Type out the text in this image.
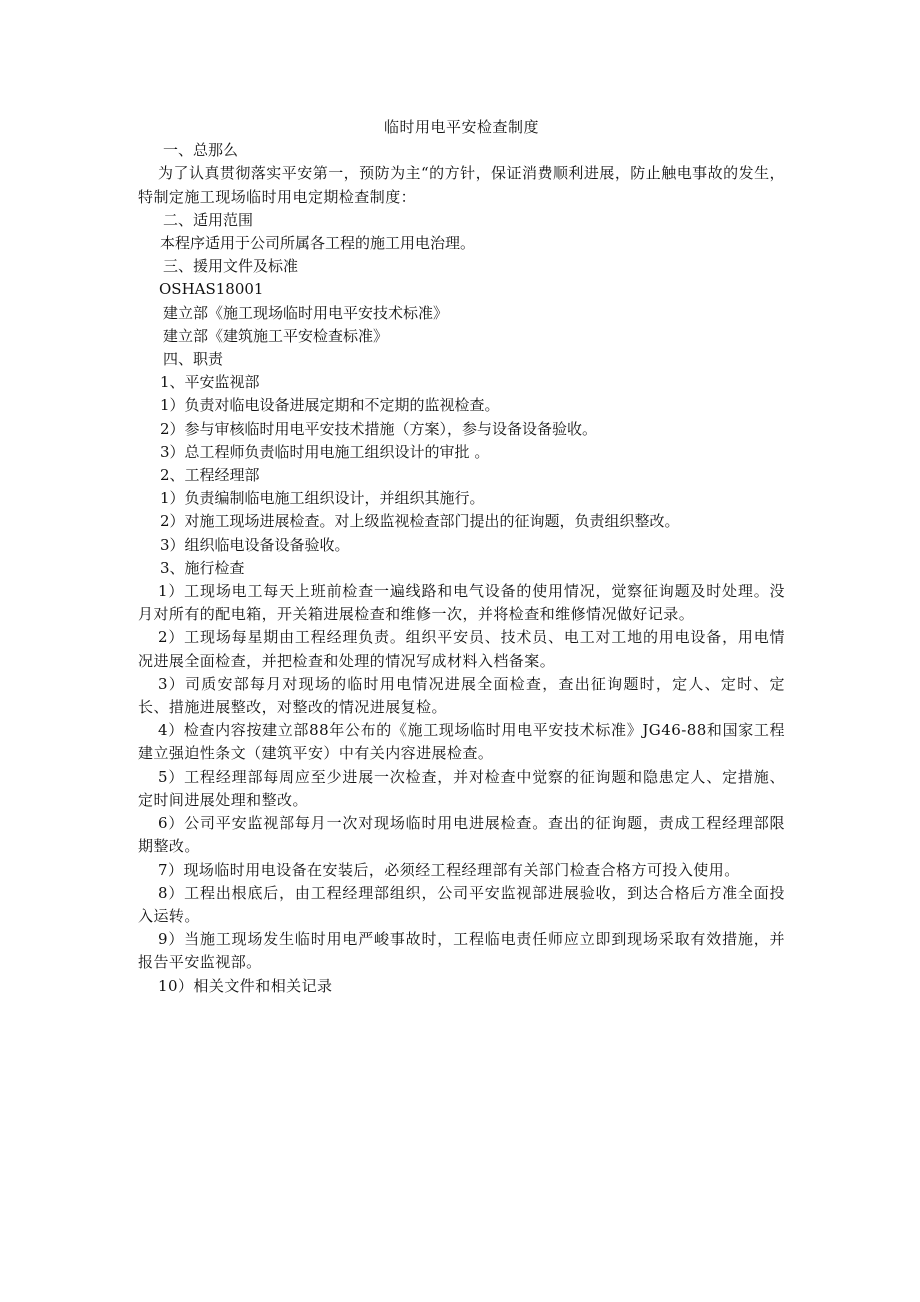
临时用电平安检查制度

一、总那么

为了认真贯彻落实平安第一，预防为主“的方针，保证消费顺利进展，防止触电事故的发生，特制定施工现场临时用电定期检查制度：

二、适用范围

本程序适用于公司所属各工程的施工用电治理。

三、援用文件及标准

OSHAS18001

建立部《施工现场临时用电平安技术标准》

建立部《建筑施工平安检查标准》

四、职责

1、平安监视部

1）负责对临电设备进展定期和不定期的监视检查。

2）参与审核临时用电平安技术措施（方案），参与设备设备验收。

3）总工程师负责临时用电施工组织设计的审批 。

2、工程经理部

1）负责编制临电施工组织设计，并组织其施行。

2）对施工现场进展检查。对上级监视检查部门提出的征询题，负责组织整改。

3）组织临电设备设备验收。

3、施行检查

1）工现场电工每天上班前检查一遍线路和电气设备的使用情况，觉察征询题及时处理。没月对所有的配电箱，开关箱进展检查和维修一次，并将检查和维修情况做好记录。

2）工现场每星期由工程经理负责。组织平安员、技术员、电工对工地的用电设备，用电情况进展全面检查，并把检查和处理的情况写成材料入档备案。

3）司质安部每月对现场的临时用电情况进展全面检查，查出征询题时，定人、定时、定长、措施进展整改，对整改的情况进展复检。

4）检查内容按建立部88年公布的《施工现场临时用电平安技术标准》JG46-88和国家工程建立强迫性条文（建筑平安）中有关内容进展检查。

5）工程经理部每周应至少进展一次检查，并对检查中觉察的征询题和隐患定人、定措施、定时间进展处理和整改。

6）公司平安监视部每月一次对现场临时用电进展检查。查出的征询题，责成工程经理部限期整改。

7）现场临时用电设备在安装后，必须经工程经理部有关部门检查合格方可投入使用。

8）工程出根底后，由工程经理部组织，公司平安监视部进展验收，到达合格后方准全面投入运转。

9）当施工现场发生临时用电严峻事故时，工程临电责任师应立即到现场采取有效措施，并报告平安监视部。

10）相关文件和相关记录
